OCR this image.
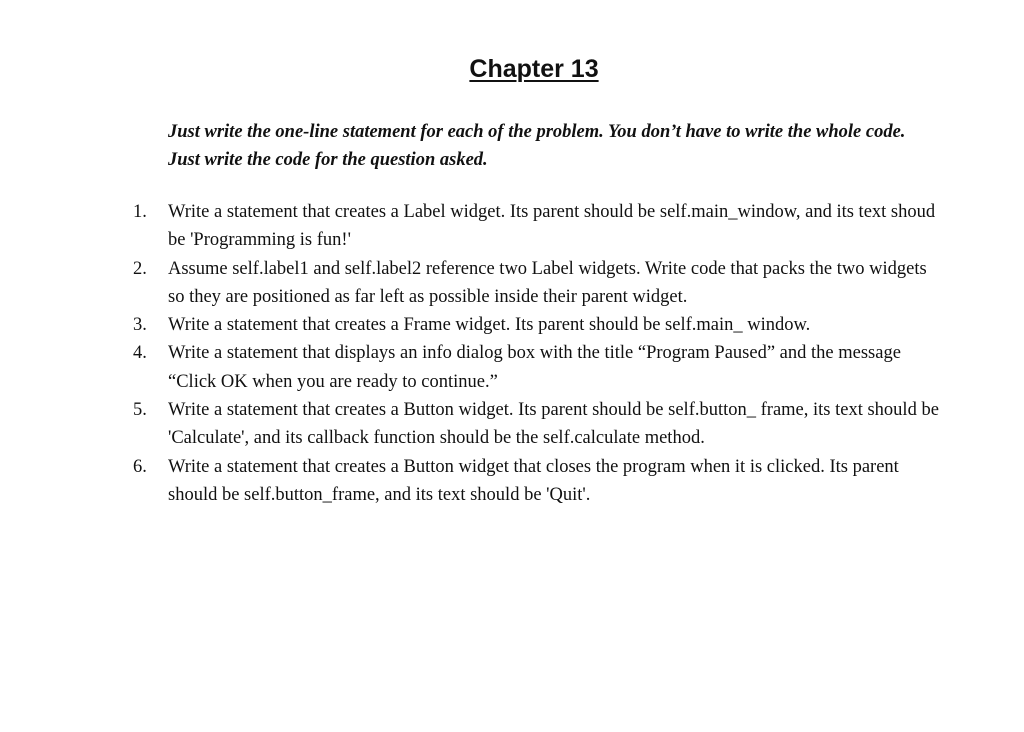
Chapter 13

Just write the one-line statement for each of the problem. You don’t have to write the whole code. Just write the code for the question asked.

1.	Write a statement that creates a Label widget. Its parent should be self.main_window, and its text shoud be 'Programming is fun!'
2.	Assume self.label1 and self.label2 reference two Label widgets. Write code that packs the two widgets so they are positioned as far left as possible inside their parent widget.
3.	Write a statement that creates a Frame widget. Its parent should be self.main_ window.
4.	Write a statement that displays an info dialog box with the title “Program Paused” and the message “Click OK when you are ready to continue.”
5.	Write a statement that creates a Button widget. Its parent should be self.button_ frame, its text should be 'Calculate', and its callback function should be the self.calculate method.
6.	Write a statement that creates a Button widget that closes the program when it is clicked. Its parent should be self.button_frame, and its text should be 'Quit'.
